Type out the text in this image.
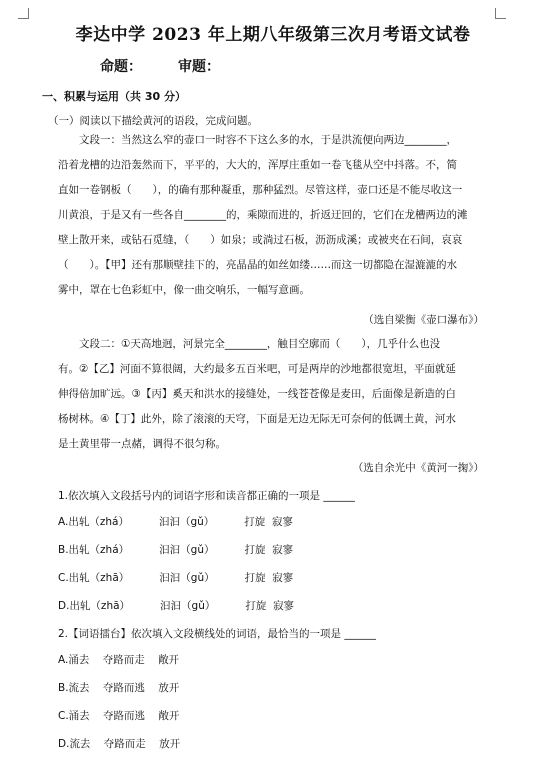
李达中学 2023 年上期八年级第三次月考语文试卷
命题：	审题：
一、积累与运用（共 30 分）
（一）阅读以下描绘黄河的语段，完成问题。

　　文段一：当然这么窄的壶口一时容不下这么多的水，于是洪流便向两边________，

沿着龙槽的边沿轰然而下，平平的，大大的，浑厚庄重如一卷飞毯从空中抖落。不，简

直如一卷钢板（　　），的确有那种凝重，那种猛烈。尽管这样，壶口还是不能尽收这一

川黄浪，于是又有一些各自________的，乘隙而进的，折返迂回的，它们在龙槽两边的滩

壁上散开来，或钻石觅缝，（　　）如泉；或淌过石板，沥沥成溪；或被夹在石间，哀哀

（　　）。【甲】还有那顺壁挂下的，亮晶晶的如丝如缕……而这一切都隐在湿漉漉的水

雾中，罩在七色彩虹中，像一曲交响乐，一幅写意画。

（选自梁衡《壶口瀑布》）

　　文段二：①天高地迥，河景完全________，触目空廓而（　　），几乎什么也没

有。②【乙】河面不算很阔，大约最多五百米吧，可是两岸的沙地都很宽坦，平面就延

伸得倍加旷远。③【丙】奚天和洪水的接缝处，一线苍苍像是麦田，后面像是新造的白

杨树林。④【丁】此外，除了滚滚的天穹，下面是无边无际无可奈何的低调土黄，河水

是土黄里带一点赭，调得不很匀称。

（选自余光中《黄河一掬》）
1.依次填入文段括号内的词语字形和读音都正确的一项是 ______
A.出轧（zhá）	汩汩（gǔ）	打旋 寂寥
B.出轧（zhá）	汩汩（gǔ）	打旋 寂寥
C.出轧（zhā）	汩汩（gǔ）	打旋 寂寥
D.出轧（zhā）	汩汩（gǔ）	打旋 寂寥
2.【词语擂台】依次填入文段横线处的词语，最恰当的一项是 ______
A.涌去 夺路而走 敞开
B.流去 夺路而逃 放开
C.涌去 夺路而逃 敞开
D.流去 夺路而走 放开
